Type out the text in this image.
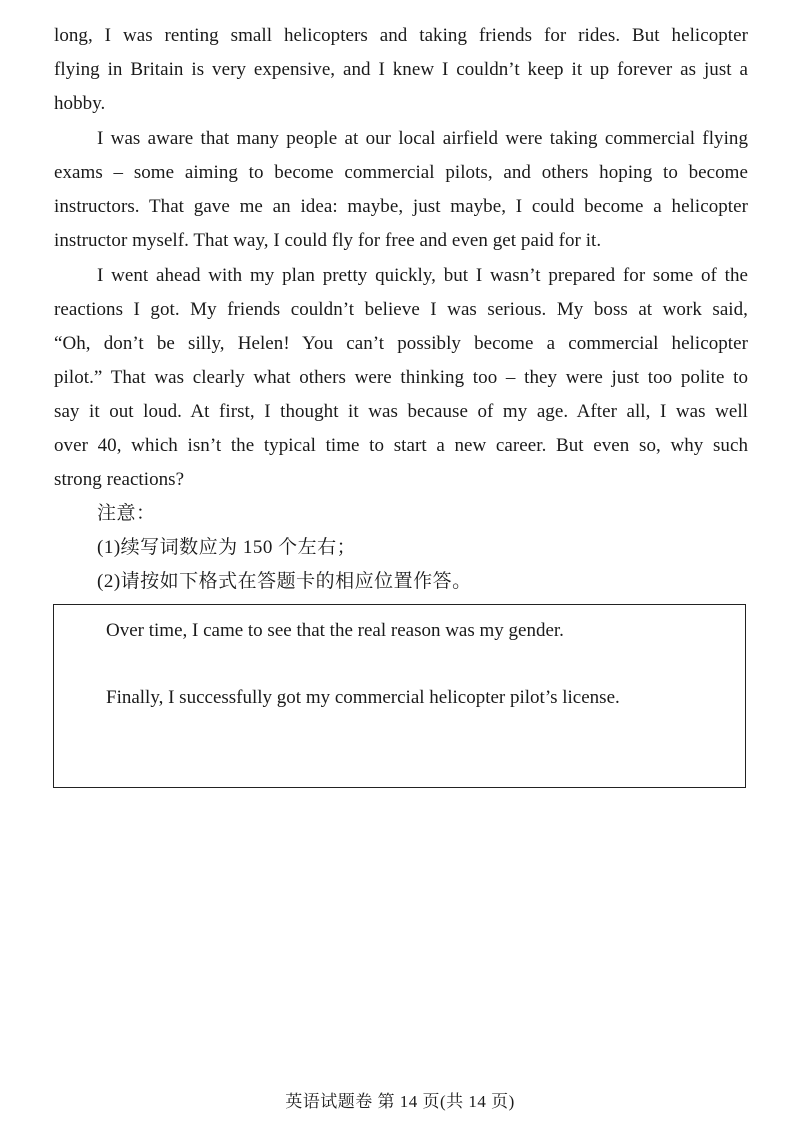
long, I was renting small helicopters and taking friends for rides. But helicopter
flying in Britain is very expensive, and I knew I couldn’t keep it up forever as just a
hobby.
I was aware that many people at our local airfield were taking commercial flying
exams – some aiming to become commercial pilots, and others hoping to become
instructors. That gave me an idea: maybe, just maybe, I could become a helicopter
instructor myself. That way, I could fly for free and even get paid for it.
I went ahead with my plan pretty quickly, but I wasn’t prepared for some of the
reactions I got. My friends couldn’t believe I was serious. My boss at work said,
“Oh, don’t be silly, Helen! You can’t possibly become a commercial helicopter
pilot.” That was clearly what others were thinking too – they were just too polite to
say it out loud. At first, I thought it was because of my age. After all, I was well
over 40, which isn’t the typical time to start a new career. But even so, why such
strong reactions?
注意：
(1)续写词数应为 150 个左右；
(2)请按如下格式在答题卡的相应位置作答。
Over time, I came to see that the real reason was my gender.
Finally, I successfully got my commercial helicopter pilot’s license.
英语试题卷 第 14 页(共 14 页)
